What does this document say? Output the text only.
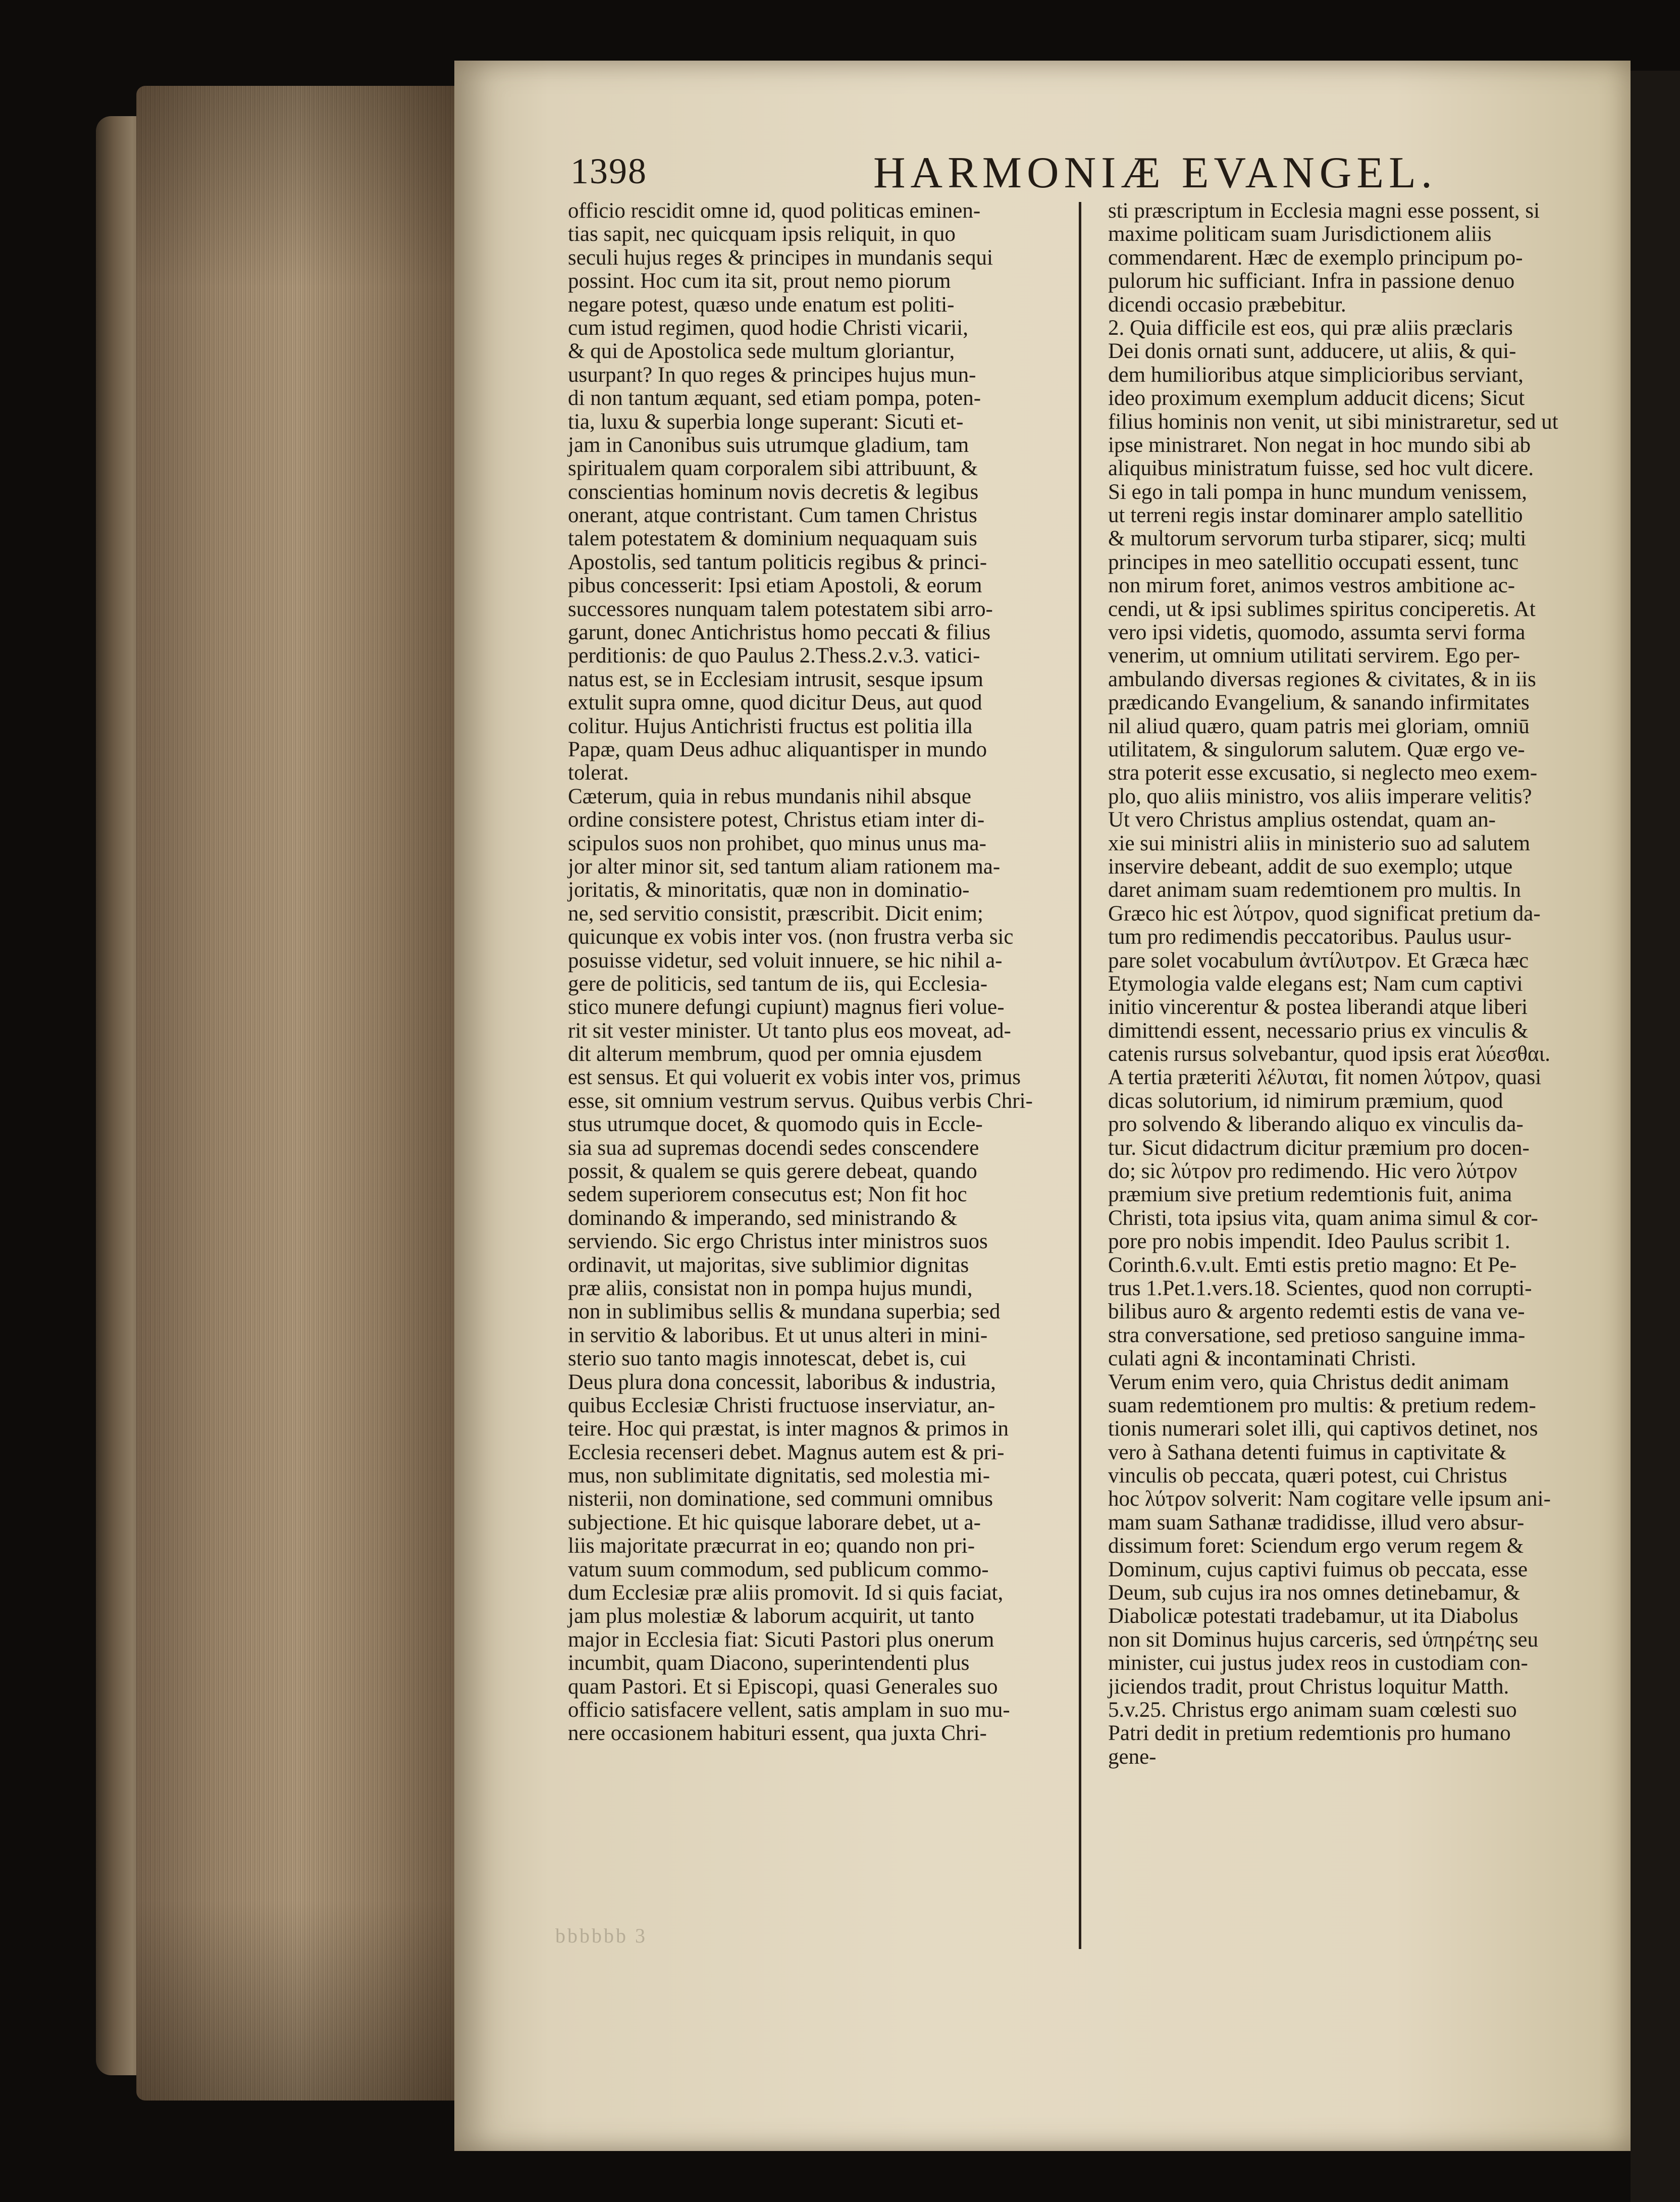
1398	HARMONIÆ EVANGEL.
officio rescidit omne id, quod politicas eminen-
tias sapit, nec quicquam ipsis reliquit, in quo
seculi hujus reges & principes in mundanis sequi
possint. Hoc cum ita sit, prout nemo piorum
negare potest, quæso unde enatum est politi-
cum istud regimen, quod hodie Christi vicarii,
& qui de Apostolica sede multum gloriantur,
usurpant? In quo reges & principes hujus mun-
di non tantum æquant, sed etiam pompa, poten-
tia, luxu & superbia longe superant: Sicuti et-
jam in Canonibus suis utrumque gladium, tam
spiritualem quam corporalem sibi attribuunt, &
conscientias hominum novis decretis & legibus
onerant, atque contristant. Cum tamen Christus
talem potestatem & dominium nequaquam suis
Apostolis, sed tantum politicis regibus & princi-
pibus concesserit: Ipsi etiam Apostoli, & eorum
successores nunquam talem potestatem sibi arro-
garunt, donec Antichristus homo peccati & filius
perditionis: de quo Paulus 2.Thess.2.v.3. vatici-
natus est, se in Ecclesiam intrusit, sesque ipsum
extulit supra omne, quod dicitur Deus, aut quod
colitur. Hujus Antichristi fructus est politia illa
Papæ, quam Deus adhuc aliquantisper in mundo
tolerat.
Cæterum, quia in rebus mundanis nihil absque
ordine consistere potest, Christus etiam inter di-
scipulos suos non prohibet, quo minus unus ma-
jor alter minor sit, sed tantum aliam rationem ma-
joritatis, & minoritatis, quæ non in dominatio-
ne, sed servitio consistit, præscribit. Dicit enim;
quicunque ex vobis inter vos. (non frustra verba sic
posuisse videtur, sed voluit innuere, se hic nihil a-
gere de politicis, sed tantum de iis, qui Ecclesia-
stico munere defungi cupiunt) magnus fieri volue-
rit sit vester minister. Ut tanto plus eos moveat, ad-
dit alterum membrum, quod per omnia ejusdem
est sensus. Et qui voluerit ex vobis inter vos, primus
esse, sit omnium vestrum servus. Quibus verbis Chri-
stus utrumque docet, & quomodo quis in Eccle-
sia sua ad supremas docendi sedes conscendere
possit, & qualem se quis gerere debeat, quando
sedem superiorem consecutus est; Non fit hoc
dominando & imperando, sed ministrando &
serviendo. Sic ergo Christus inter ministros suos
ordinavit, ut majoritas, sive sublimior dignitas
præ aliis, consistat non in pompa hujus mundi,
non in sublimibus sellis & mundana superbia; sed
in servitio & laboribus. Et ut unus alteri in mini-
sterio suo tanto magis innotescat, debet is, cui
Deus plura dona concessit, laboribus & industria,
quibus Ecclesiæ Christi fructuose inserviatur, an-
teire. Hoc qui præstat, is inter magnos & primos in
Ecclesia recenseri debet. Magnus autem est & pri-
mus, non sublimitate dignitatis, sed molestia mi-
nisterii, non dominatione, sed communi omnibus
subjectione. Et hic quisque laborare debet, ut a-
liis majoritate præcurrat in eo; quando non pri-
vatum suum commodum, sed publicum commo-
dum Ecclesiæ præ aliis promovit. Id si quis faciat,
jam plus molestiæ & laborum acquirit, ut tanto
major in Ecclesia fiat: Sicuti Pastori plus onerum
incumbit, quam Diacono, superintendenti plus
quam Pastori. Et si Episcopi, quasi Generales suo
officio satisfacere vellent, satis amplam in suo mu-
nere occasionem habituri essent, qua juxta Chri-
sti præscriptum in Ecclesia magni esse possent, si
maxime politicam suam Jurisdictionem aliis
commendarent. Hæc de exemplo principum po-
pulorum hic sufficiant. Infra in passione denuo
dicendi occasio præbebitur.
2. Quia difficile est eos, qui præ aliis præclaris
Dei donis ornati sunt, adducere, ut aliis, & qui-
dem humilioribus atque simplicioribus serviant,
ideo proximum exemplum adducit dicens; Sicut
filius hominis non venit, ut sibi ministraretur, sed ut
ipse ministraret. Non negat in hoc mundo sibi ab
aliquibus ministratum fuisse, sed hoc vult dicere.
Si ego in tali pompa in hunc mundum venissem,
ut terreni regis instar dominarer amplo satellitio
& multorum servorum turba stiparer, sicq; multi
principes in meo satellitio occupati essent, tunc
non mirum foret, animos vestros ambitione ac-
cendi, ut & ipsi sublimes spiritus conciperetis. At
vero ipsi videtis, quomodo, assumta servi forma
venerim, ut omnium utilitati servirem. Ego per-
ambulando diversas regiones & civitates, & in iis
prædicando Evangelium, & sanando infirmitates
nil aliud quæro, quam patris mei gloriam, omniū
utilitatem, & singulorum salutem. Quæ ergo ve-
stra poterit esse excusatio, si neglecto meo exem-
plo, quo aliis ministro, vos aliis imperare velitis?
Ut vero Christus amplius ostendat, quam an-
xie sui ministri aliis in ministerio suo ad salutem
inservire debeant, addit de suo exemplo; utque
daret animam suam redemtionem pro multis. In
Græco hic est λύτρον, quod significat pretium da-
tum pro redimendis peccatoribus. Paulus usur-
pare solet vocabulum ἀντίλυτρον. Et Græca hæc
Etymologia valde elegans est; Nam cum captivi
initio vincerentur & postea liberandi atque liberi
dimittendi essent, necessario prius ex vinculis &
catenis rursus solvebantur, quod ipsis erat λύεσθαι.
A tertia præteriti λέλυται, fit nomen λύτρον, quasi
dicas solutorium, id nimirum præmium, quod
pro solvendo & liberando aliquo ex vinculis da-
tur. Sicut didactrum dicitur præmium pro docen-
do; sic λύτρον pro redimendo. Hic vero λύτρον
præmium sive pretium redemtionis fuit, anima
Christi, tota ipsius vita, quam anima simul & cor-
pore pro nobis impendit. Ideo Paulus scribit 1.
Corinth.6.v.ult. Emti estis pretio magno: Et Pe-
trus 1.Pet.1.vers.18. Scientes, quod non corrupti-
bilibus auro & argento redemti estis de vana ve-
stra conversatione, sed pretioso sanguine imma-
culati agni & incontaminati Christi.
Verum enim vero, quia Christus dedit animam
suam redemtionem pro multis: & pretium redem-
tionis numerari solet illi, qui captivos detinet, nos
vero à Sathana detenti fuimus in captivitate &
vinculis ob peccata, quæri potest, cui Christus
hoc λύτρον solverit: Nam cogitare velle ipsum ani-
mam suam Sathanæ tradidisse, illud vero absur-
dissimum foret: Sciendum ergo verum regem &
Dominum, cujus captivi fuimus ob peccata, esse
Deum, sub cujus ira nos omnes detinebamur, &
Diabolicæ potestati tradebamur, ut ita Diabolus
non sit Dominus hujus carceris, sed ὑπηρέτης seu
minister, cui justus judex reos in custodiam con-
jiciendos tradit, prout Christus loquitur Matth.
5.v.25. Christus ergo animam suam cœlesti suo
Patri dedit in pretium redemtionis pro humano
gene-
bbbbbb 3
